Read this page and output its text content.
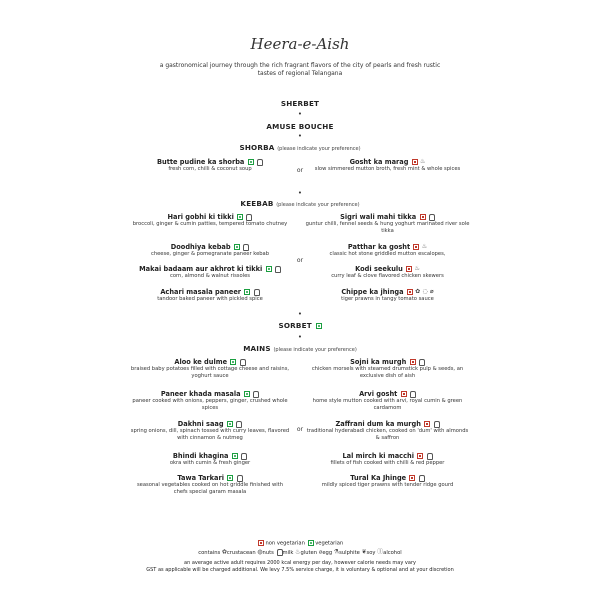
Heera-e-Aish
a gastronomical journey through the rich fragrant flavors of the city of pearls and fresh rustic tastes of regional Telangana
SHERBET
•
AMUSE BOUCHE
•
SHORBA (please indicate your preference)
Butte pudine ka shorba
fresh corn, chilli & coconut soup	or
Gosht ka marag ♨
slow simmered mutton broth, fresh mint & whole spices
•
KEEBAB (please indicate your preference)
Hari gobhi ki tikki
broccoli, ginger & cumin patties, tempered tomato chutney
Doodhiya kebab
cheese, ginger & pomegranate paneer kebab
Makai badaam aur akhrot ki tikki
corn, almond & walnut rissoles
Achari masala paneer
tandoor baked paneer with pickled spice
or
Sigri wali mahi tikka
guntur chilli, fennel seeds & hung yoghurt marinated river sole tikka
Patthar ka gosht ♨
classic hot stone griddled mutton escalopes,
Kodi seekulu ♨
curry leaf & clove flavored chicken skewers
Chippe ka jhinga ✿ ◌ ⌀
tiger prawns in tangy tomato sauce
•
SORBET
•
MAINS (please indicate your preference)
Aloo ke dulme
braised baby potatoes filled with cottage cheese and raisins, yoghurt sauce
Paneer khada masala
paneer cooked with onions, peppers, ginger, crushed whole spices
Dakhni saag
spring onions, dill, spinach tossed with curry leaves, flavored with cinnamon & nutmeg
Bhindi khagina
okra with cumin & fresh ginger
Tawa Tarkari
seasonal vegetables cooked on hot griddle finished with chefs special garam masala
or
Sojni ka murgh
chicken morsels with steamed drumstick pulp & seeds, an exclusive dish of aish
Arvi gosht
home style mutton cooked with arvi, royal cumin & green cardamom
Zaffrani dum ka murgh
traditional hyderabadi chicken, cooked on 'dum' with almonds & saffron
Lal mirch ki macchi
fillets of fish cooked with chilli & red pepper
Tural Ka Jhinge
mildly spiced tiger prawns with tender ridge gourd
non vegetarian vegetarian
contains ✿crustacean ◍nuts milk ♨gluten ⌀egg ⚗sulphite ❦soy Ⓘalcohol
an average active adult requires 2000 kcal energy per day, however calorie needs may vary
GST as applicable will be charged additional. We levy 7.5% service charge, it is voluntary & optional and at your discretion
